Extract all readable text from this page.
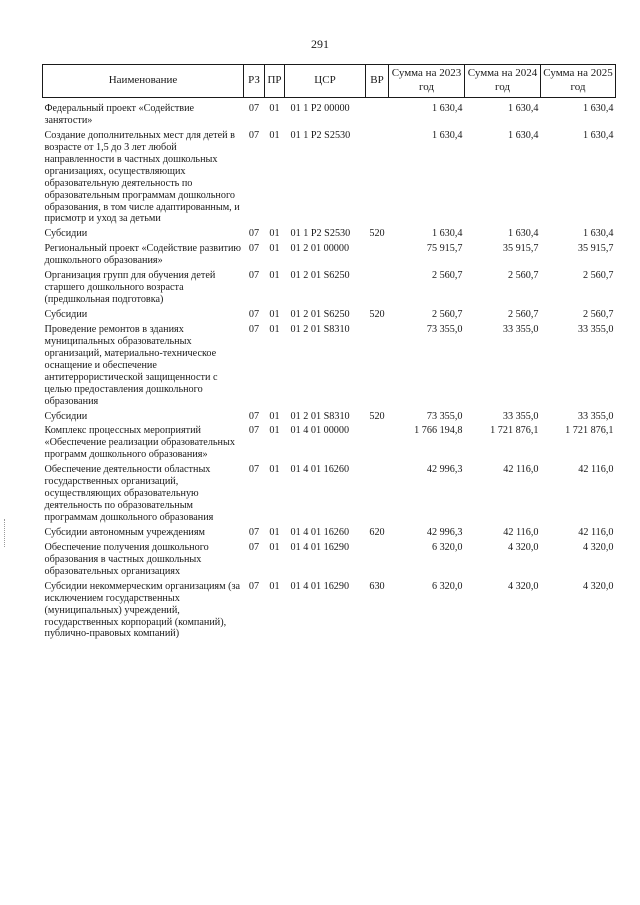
291
Наименование	РЗ	ПР	ЦСР	ВР	Сумма на 2023 год	Сумма на 2024 год	Сумма на 2025 год
Федеральный проект «Содействие занятости»	07	01	01 1 P2 00000		1 630,4	1 630,4	1 630,4
Создание дополнительных мест для детей в возрасте от 1,5 до 3 лет любой направленности в частных дошкольных организациях, осуществляющих образовательную деятельность по образовательным программам дошкольного образования, в том числе адаптированным, и присмотр и уход за детьми	07	01	01 1 P2 S2530		1 630,4	1 630,4	1 630,4
Субсидии	07	01	01 1 P2 S2530	520	1 630,4	1 630,4	1 630,4
Региональный проект «Содействие развитию дошкольного образования»	07	01	01 2 01 00000		75 915,7	35 915,7	35 915,7
Организация групп для обучения детей старшего дошкольного возраста (предшкольная подготовка)	07	01	01 2 01 S6250		2 560,7	2 560,7	2 560,7
Субсидии	07	01	01 2 01 S6250	520	2 560,7	2 560,7	2 560,7
Проведение ремонтов в зданиях муниципальных образовательных организаций, материально-техническое оснащение и обеспечение антитеррористической защищенности с целью предоставления дошкольного образования	07	01	01 2 01 S8310		73 355,0	33 355,0	33 355,0
Субсидии	07	01	01 2 01 S8310	520	73 355,0	33 355,0	33 355,0
Комплекс процессных мероприятий «Обеспечение реализации образовательных программ дошкольного образования»	07	01	01 4 01 00000		1 766 194,8	1 721 876,1	1 721 876,1
Обеспечение деятельности областных государственных организаций, осуществляющих образовательную деятельность по образовательным программам дошкольного образования	07	01	01 4 01 16260		42 996,3	42 116,0	42 116,0
Субсидии автономным учреждениям	07	01	01 4 01 16260	620	42 996,3	42 116,0	42 116,0
Обеспечение получения дошкольного образования в частных дошкольных образовательных организациях	07	01	01 4 01 16290		6 320,0	4 320,0	4 320,0
Субсидии некоммерческим организациям (за исключением государственных (муниципальных) учреждений, государственных корпораций (компаний), публично-правовых компаний)	07	01	01 4 01 16290	630	6 320,0	4 320,0	4 320,0
